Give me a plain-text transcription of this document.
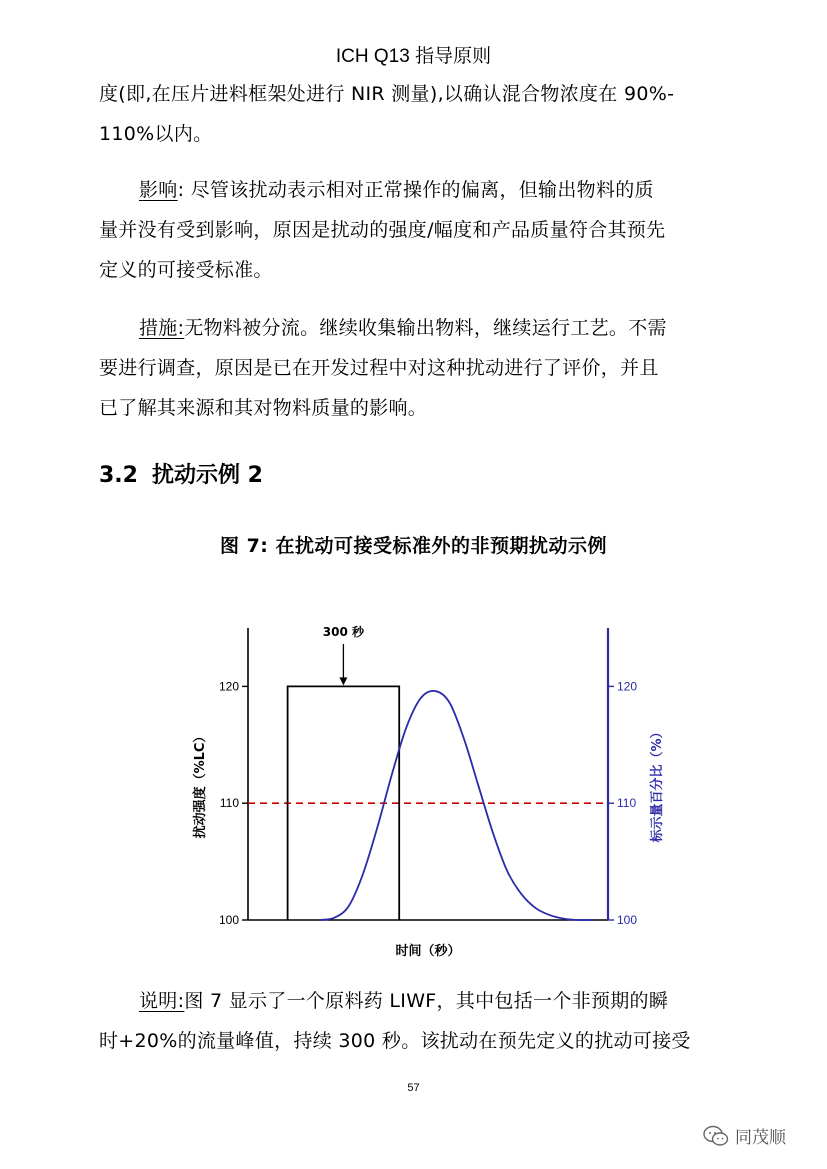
ICH Q13 指导原则
度(即,在压片进料框架处进行 NIR 测量),以确认混合物浓度在 90%-
110%以内。
影响: 尽管该扰动表示相对正常操作的偏离，但输出物料的质
量并没有受到影响，原因是扰动的强度/幅度和产品质量符合其预先
定义的可接受标准。
措施:无物料被分流。继续收集输出物料，继续运行工艺。不需
要进行调查，原因是已在开发过程中对这种扰动进行了评价，并且
已了解其来源和其对物料质量的影响。
3.2 扰动示例 2
图 7: 在扰动可接受标准外的非预期扰动示例
100
110
120
100
110
120
300 秒
时间（秒）
扰动强度（%LC）	标示量百分比（%）
说明:图 7 显示了一个原料药 LIWF，其中包括一个非预期的瞬
时+20%的流量峰值，持续 300 秒。该扰动在预先定义的扰动可接受
57
同茂顺
